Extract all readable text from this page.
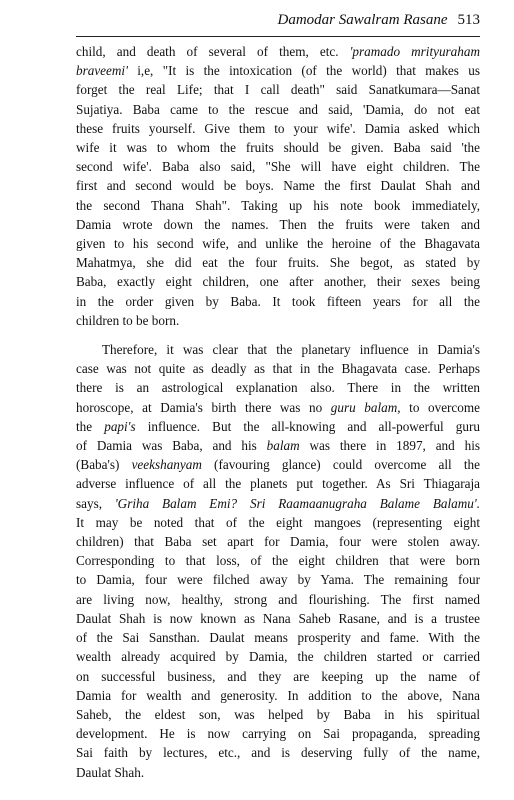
Damodar Sawalram Rasane 513
child, and death of several of them, etc. 'pramado mrityuraham
braveemi' i,e, "It is the intoxication (of the world) that makes us
forget the real Life; that I call death" said Sanatkumara—Sanat
Sujatiya. Baba came to the rescue and said, 'Damia, do not eat
these fruits yourself. Give them to your wife'. Damia asked which
wife it was to whom the fruits should be given. Baba said 'the
second wife'. Baba also said, "She will have eight children. The
first and second would be boys. Name the first Daulat Shah and
the second Thana Shah". Taking up his note book immediately,
Damia wrote down the names. Then the fruits were taken and
given to his second wife, and unlike the heroine of the Bhagavata
Mahatmya, she did eat the four fruits. She begot, as stated by
Baba, exactly eight children, one after another, their sexes being
in the order given by Baba. It took fifteen years for all the
children to be born.
Therefore, it was clear that the planetary influence in Damia's
case was not quite as deadly as that in the Bhagavata case. Perhaps
there is an astrological explanation also. There in the written
horoscope, at Damia's birth there was no guru balam, to overcome
the papi's influence. But the all-knowing and all-powerful guru
of Damia was Baba, and his balam was there in 1897, and his
(Baba's) veekshanyam (favouring glance) could overcome all the
adverse influence of all the planets put together. As Sri Thiagaraja
says, 'Griha Balam Emi? Sri Raamaanugraha Balame Balamu'.
It may be noted that of the eight mangoes (representing eight
children) that Baba set apart for Damia, four were stolen away.
Corresponding to that loss, of the eight children that were born
to Damia, four were filched away by Yama. The remaining four
are living now, healthy, strong and flourishing. The first named
Daulat Shah is now known as Nana Saheb Rasane, and is a trustee
of the Sai Sansthan. Daulat means prosperity and fame. With the
wealth already acquired by Damia, the children started or carried
on successful business, and they are keeping up the name of
Damia for wealth and generosity. In addition to the above, Nana
Saheb, the eldest son, was helped by Baba in his spiritual
development. He is now carrying on Sai propaganda, spreading
Sai faith by lectures, etc., and is deserving fully of the name,
Daulat Shah.
